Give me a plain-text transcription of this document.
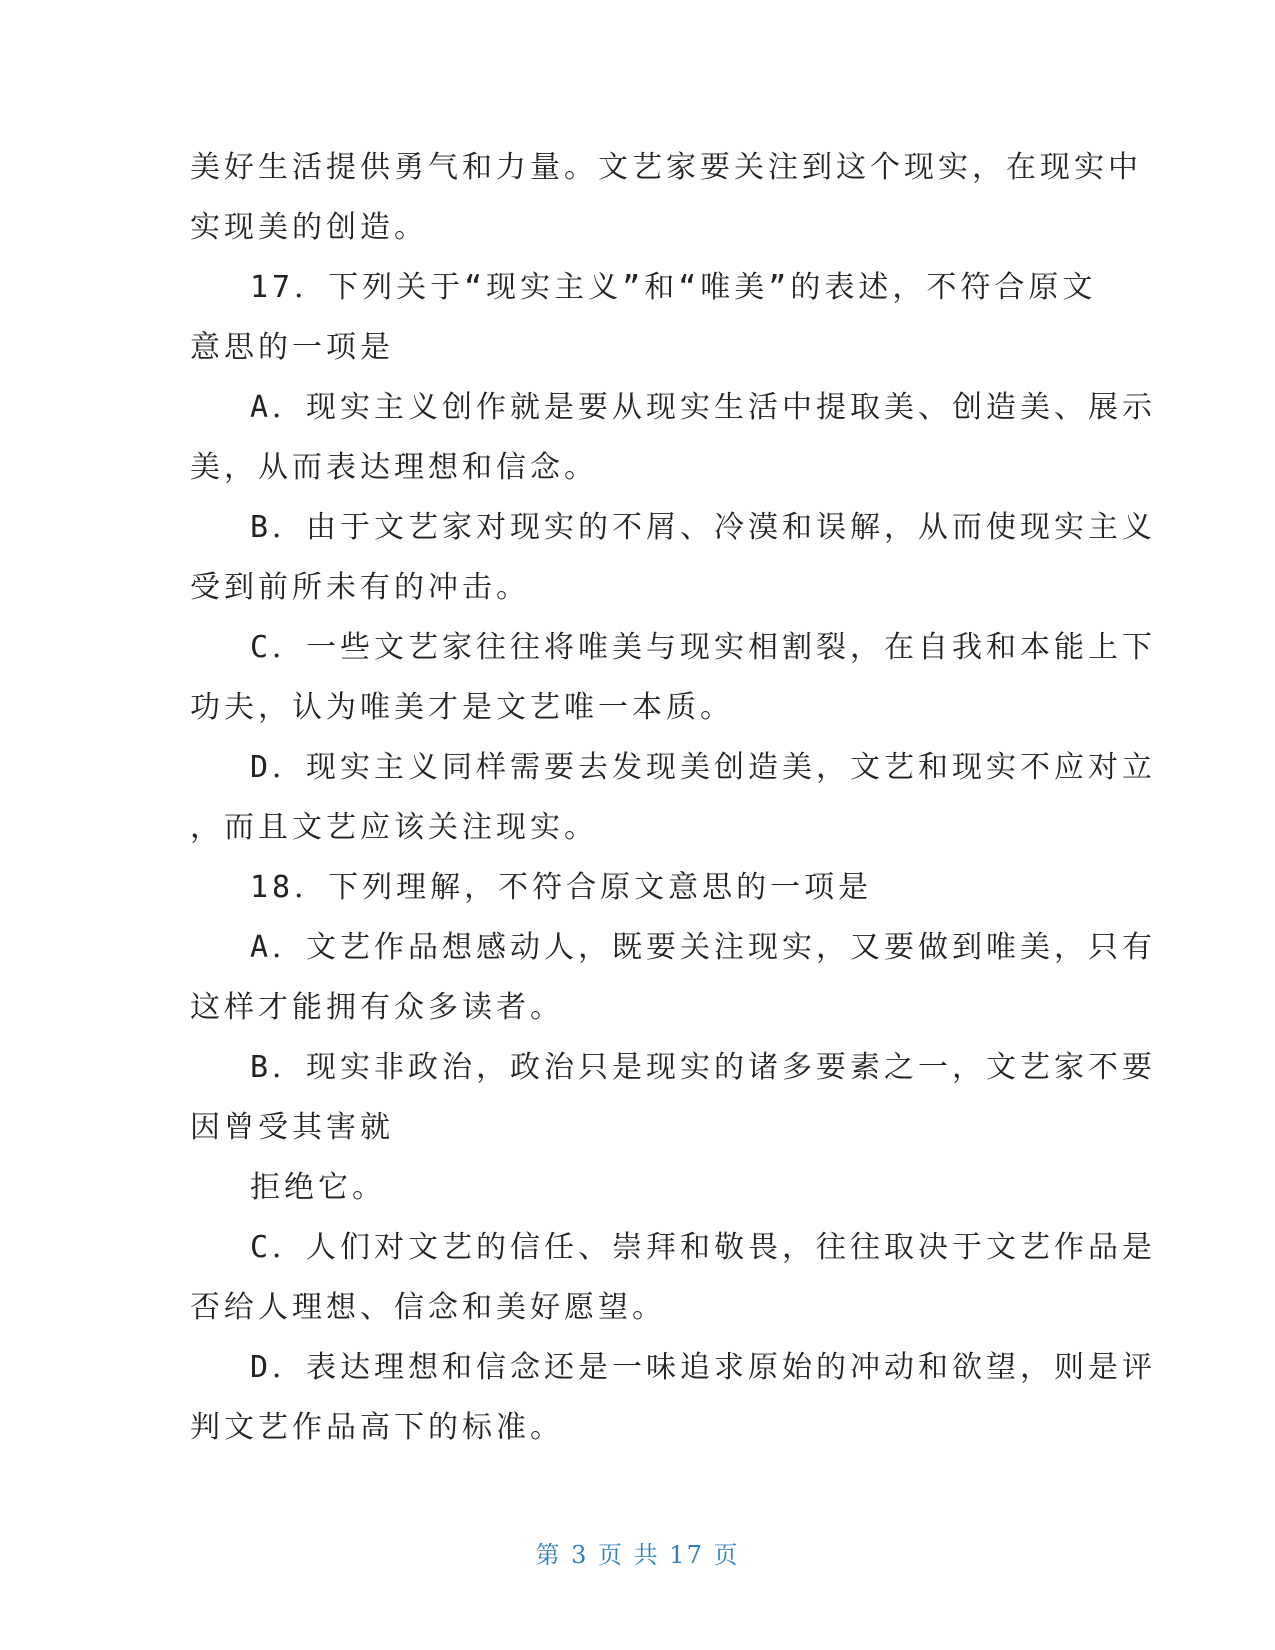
美好生活提供勇气和力量。文艺家要关注到这个现实，在现实中
实现美的创造。
17．下列关于“现实主义”和“唯美”的表述，不符合原文
意思的一项是
A．现实主义创作就是要从现实生活中提取美、创造美、展示
美，从而表达理想和信念。
B．由于文艺家对现实的不屑、冷漠和误解，从而使现实主义
受到前所未有的冲击。
C．一些文艺家往往将唯美与现实相割裂，在自我和本能上下
功夫，认为唯美才是文艺唯一本质。
D．现实主义同样需要去发现美创造美，文艺和现实不应对立
，而且文艺应该关注现实。
18．下列理解，不符合原文意思的一项是
A．文艺作品想感动人，既要关注现实，又要做到唯美，只有
这样才能拥有众多读者。
B．现实非政治，政治只是现实的诸多要素之一，文艺家不要
因曾受其害就
拒绝它。
C．人们对文艺的信任、崇拜和敬畏，往往取决于文艺作品是
否给人理想、信念和美好愿望。
D．表达理想和信念还是一味追求原始的冲动和欲望，则是评
判文艺作品高下的标准。
第 3 页 共 17 页
